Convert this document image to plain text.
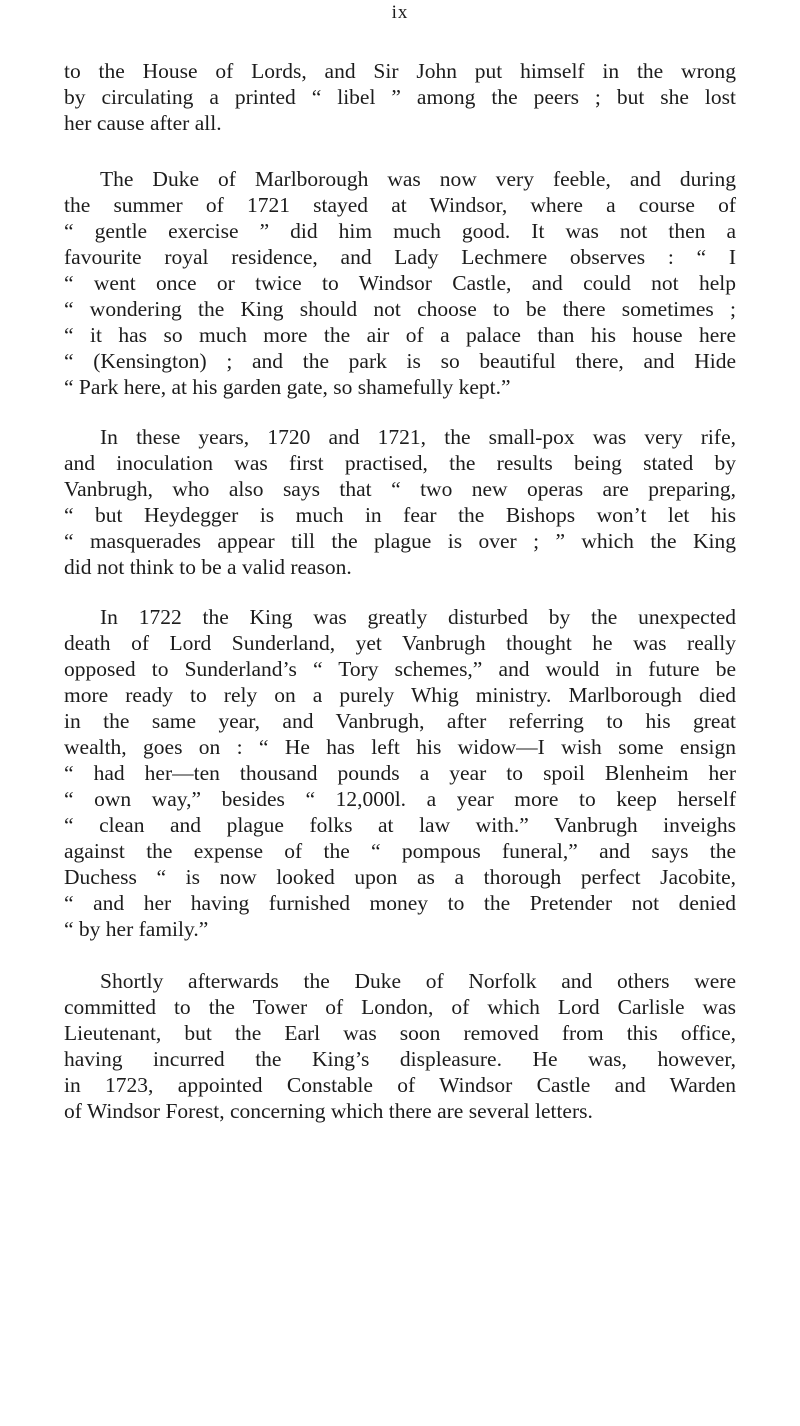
ix
to the House of Lords, and Sir John put himself in the wrong
by circulating a printed “ libel ” among the peers ; but she lost
her cause after all.
The Duke of Marlborough was now very feeble, and during
the summer of 1721 stayed at Windsor, where a course of
“ gentle exercise ” did him much good. It was not then a
favourite royal residence, and Lady Lechmere observes : “ I
“ went once or twice to Windsor Castle, and could not help
“ wondering the King should not choose to be there sometimes ;
“ it has so much more the air of a palace than his house here
“ (Kensington) ; and the park is so beautiful there, and Hide
“ Park here, at his garden gate, so shamefully kept.”
In these years, 1720 and 1721, the small-pox was very rife,
and inoculation was first practised, the results being stated by
Vanbrugh, who also says that “ two new operas are preparing,
“ but Heydegger is much in fear the Bishops won’t let his
“ masquerades appear till the plague is over ; ” which the King
did not think to be a valid reason.
In 1722 the King was greatly disturbed by the unexpected
death of Lord Sunderland, yet Vanbrugh thought he was really
opposed to Sunderland’s “ Tory schemes,” and would in future be
more ready to rely on a purely Whig ministry. Marlborough died
in the same year, and Vanbrugh, after referring to his great
wealth, goes on : “ He has left his widow—I wish some ensign
“ had her—ten thousand pounds a year to spoil Blenheim her
“ own way,” besides “ 12,000l. a year more to keep herself
“ clean and plague folks at law with.” Vanbrugh inveighs
against the expense of the “ pompous funeral,” and says the
Duchess “ is now looked upon as a thorough perfect Jacobite,
“ and her having furnished money to the Pretender not denied
“ by her family.”
Shortly afterwards the Duke of Norfolk and others were
committed to the Tower of London, of which Lord Carlisle was
Lieutenant, but the Earl was soon removed from this office,
having incurred the King’s displeasure. He was, however,
in 1723, appointed Constable of Windsor Castle and Warden
of Windsor Forest, concerning which there are several letters.
